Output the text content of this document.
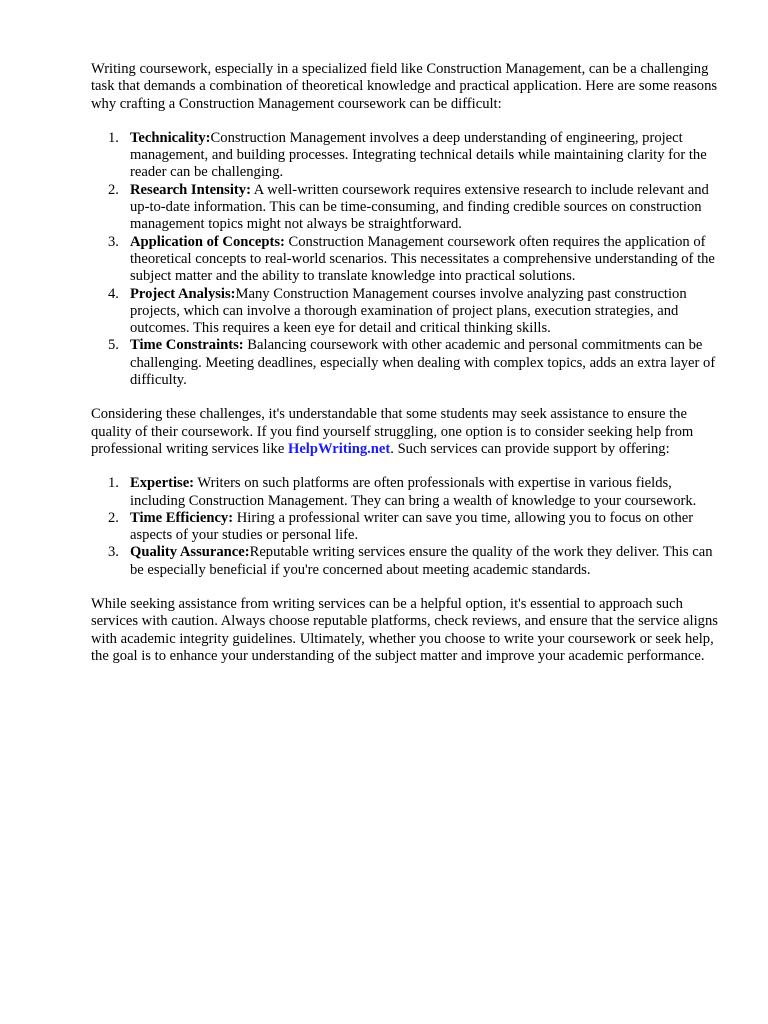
Writing coursework, especially in a specialized field like Construction Management, can be a challenging task that demands a combination of theoretical knowledge and practical application. Here are some reasons why crafting a Construction Management coursework can be difficult:

1. Technicality:Construction Management involves a deep understanding of engineering, project management, and building processes. Integrating technical details while maintaining clarity for the reader can be challenging.
2. Research Intensity: A well-written coursework requires extensive research to include relevant and up-to-date information. This can be time-consuming, and finding credible sources on construction management topics might not always be straightforward.
3. Application of Concepts: Construction Management coursework often requires the application of theoretical concepts to real-world scenarios. This necessitates a comprehensive understanding of the subject matter and the ability to translate knowledge into practical solutions.
4. Project Analysis:Many Construction Management courses involve analyzing past construction projects, which can involve a thorough examination of project plans, execution strategies, and outcomes. This requires a keen eye for detail and critical thinking skills.
5. Time Constraints: Balancing coursework with other academic and personal commitments can be challenging. Meeting deadlines, especially when dealing with complex topics, adds an extra layer of difficulty.

Considering these challenges, it's understandable that some students may seek assistance to ensure the quality of their coursework. If you find yourself struggling, one option is to consider seeking help from professional writing services like HelpWriting.net. Such services can provide support by offering:

1. Expertise: Writers on such platforms are often professionals with expertise in various fields, including Construction Management. They can bring a wealth of knowledge to your coursework.
2. Time Efficiency: Hiring a professional writer can save you time, allowing you to focus on other aspects of your studies or personal life.
3. Quality Assurance:Reputable writing services ensure the quality of the work they deliver. This can be especially beneficial if you're concerned about meeting academic standards.

While seeking assistance from writing services can be a helpful option, it's essential to approach such services with caution. Always choose reputable platforms, check reviews, and ensure that the service aligns with academic integrity guidelines. Ultimately, whether you choose to write your coursework or seek help, the goal is to enhance your understanding of the subject matter and improve your academic performance.
